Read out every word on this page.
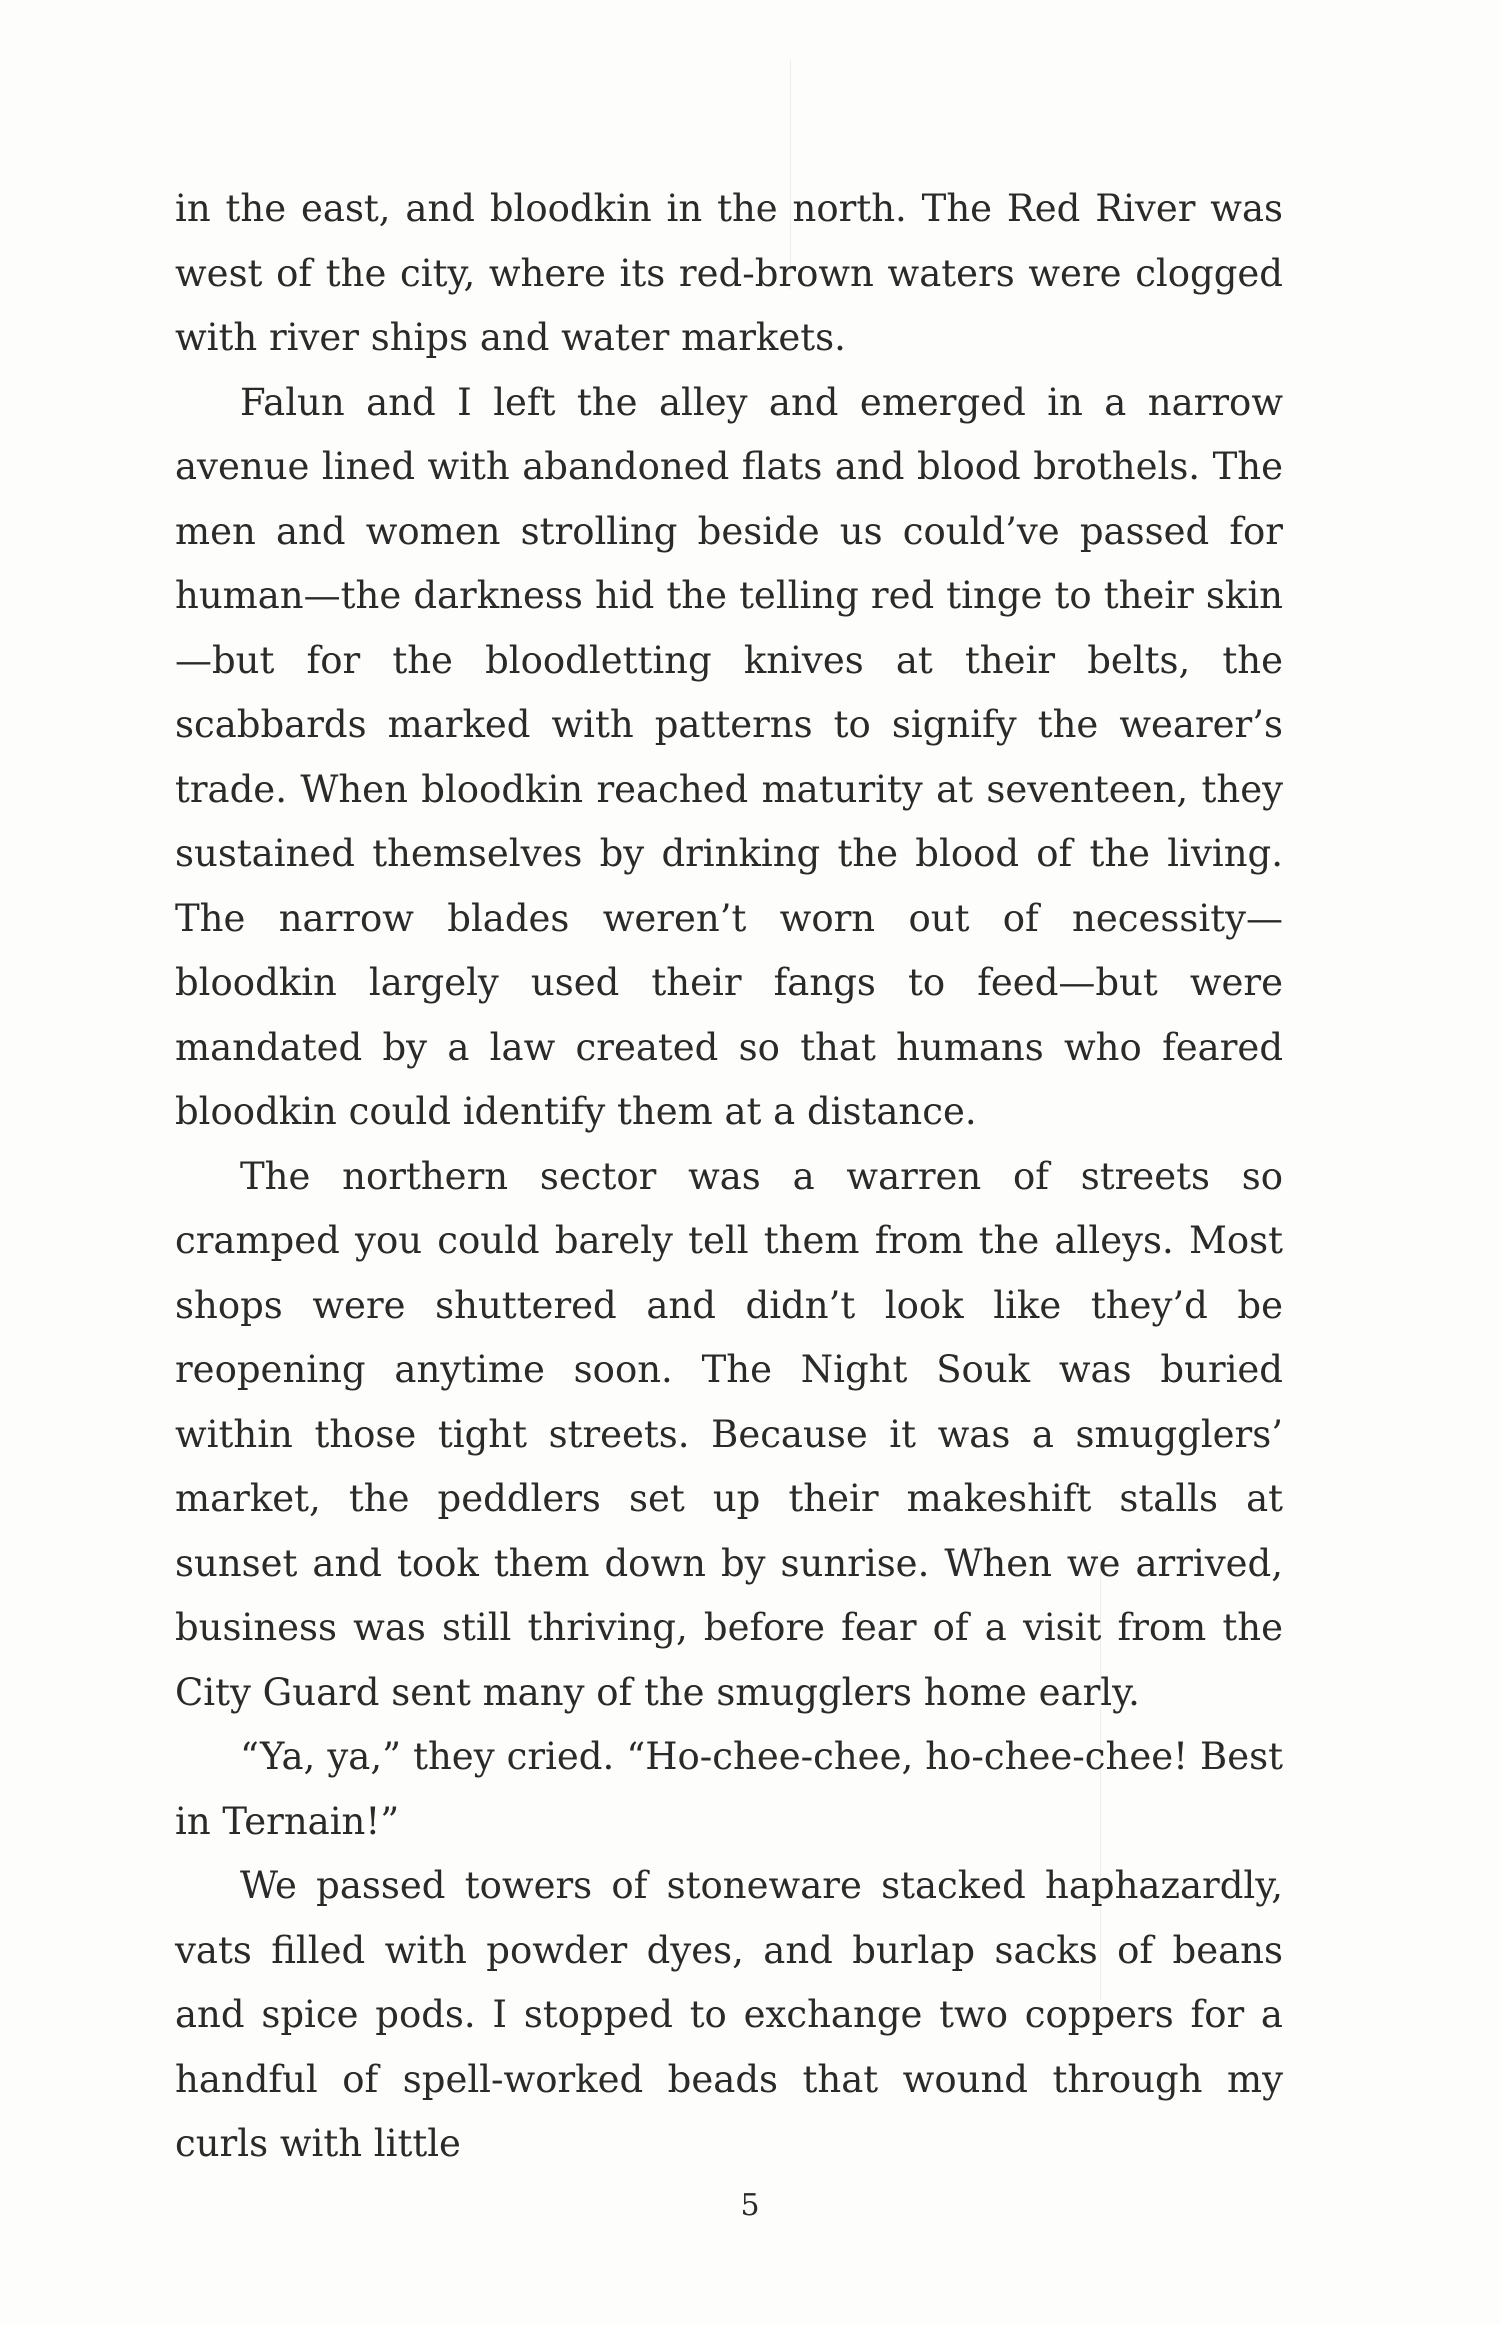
in the east, and bloodkin in the north. The Red River was west of the city, where its red-brown waters were clogged with river ships and water markets.

Falun and I left the alley and emerged in a narrow avenue lined with abandoned flats and blood brothels. The men and women strolling beside us could’ve passed for human—the darkness hid the telling red tinge to their skin—but for the bloodletting knives at their belts, the scabbards marked with patterns to signify the wearer’s trade. When bloodkin reached maturity at seventeen, they sustained themselves by drinking the blood of the living. The narrow blades weren’t worn out of necessity—bloodkin largely used their fangs to feed—but were mandated by a law created so that humans who feared bloodkin could identify them at a distance.

The northern sector was a warren of streets so cramped you could barely tell them from the alleys. Most shops were shuttered and didn’t look like they’d be reopening anytime soon. The Night Souk was buried within those tight streets. Because it was a smugglers’ market, the peddlers set up their makeshift stalls at sunset and took them down by sunrise. When we arrived, business was still thriving, before fear of a visit from the City Guard sent many of the smugglers home early.

“Ya, ya,” they cried. “Ho-chee-chee, ho-chee-chee! Best in Ternain!”

We passed towers of stoneware stacked haphazardly, vats filled with powder dyes, and burlap sacks of beans and spice pods. I stopped to exchange two coppers for a handful of spell-worked beads that wound through my curls with little

5
